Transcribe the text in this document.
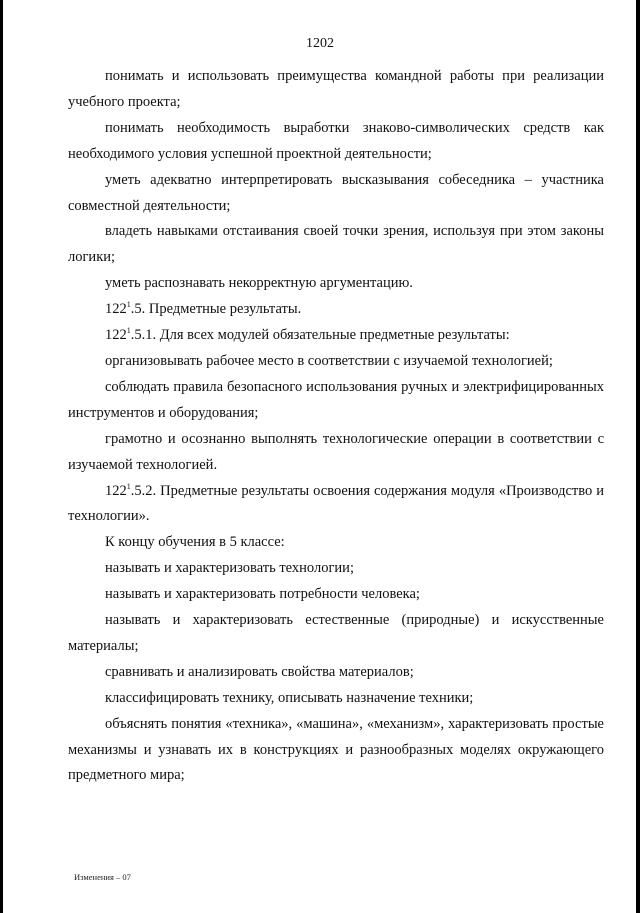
1202

понимать и использовать преимущества командной работы при реализации учебного проекта;

понимать необходимость выработки знаково-символических средств как необходимого условия успешной проектной деятельности;

уметь адекватно интерпретировать высказывания собеседника – участника совместной деятельности;

владеть навыками отстаивания своей точки зрения, используя при этом законы логики;

уметь распознавать некорректную аргументацию.

$122^1.5$. Предметные результаты.

$122^1.5.1$. Для всех модулей обязательные предметные результаты:

организовывать рабочее место в соответствии с изучаемой технологией;

соблюдать правила безопасного использования ручных и электрифицированных инструментов и оборудования;

грамотно и осознанно выполнять технологические операции в соответствии с изучаемой технологией.

$122^1.5.2$. Предметные результаты освоения содержания модуля «Производство и технологии».

К концу обучения в 5 классе:

называть и характеризовать технологии;

называть и характеризовать потребности человека;

называть и характеризовать естественные (природные) и искусственные материалы;

сравнивать и анализировать свойства материалов;

классифицировать технику, описывать назначение техники;

объяснять понятия «техника», «машина», «механизм», характеризовать простые механизмы и узнавать их в конструкциях и разнообразных моделях окружающего предметного мира;

Изменения – 07
